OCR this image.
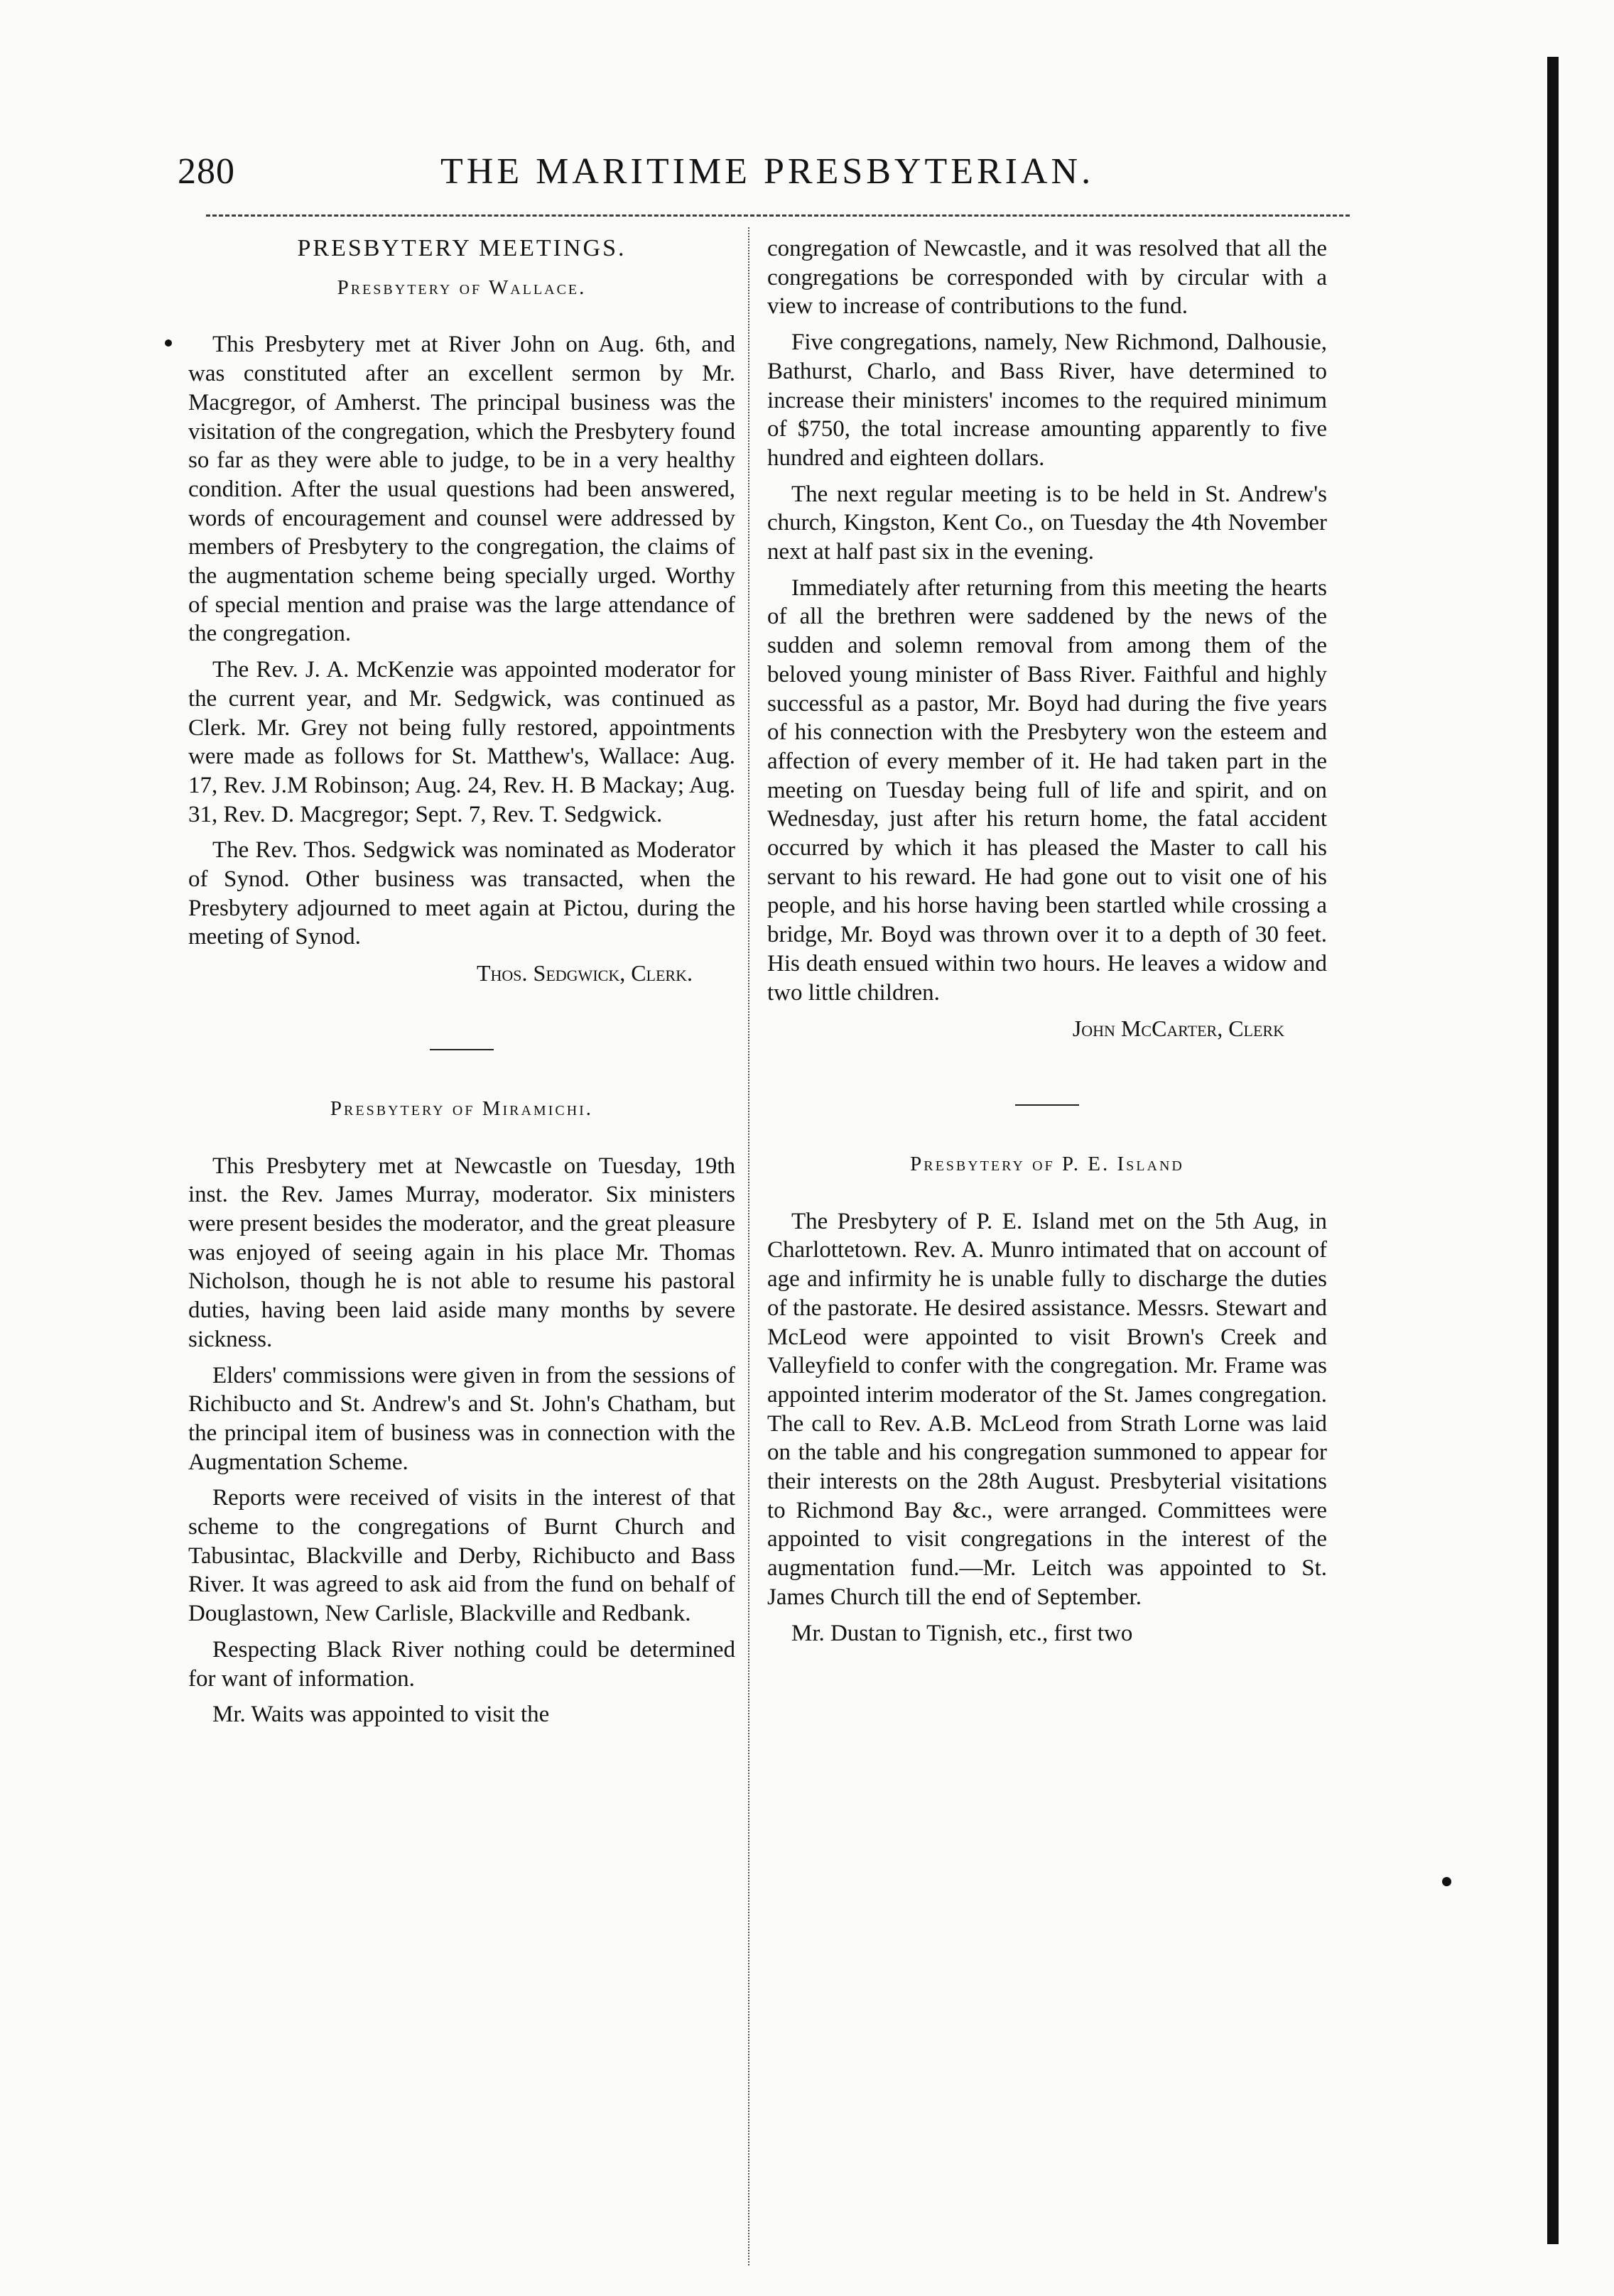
280	THE MARITIME PRESBYTERIAN.
PRESBYTERY MEETINGS.
Presbytery of Wallace.

This Presbytery met at River John on Aug. 6th, and was constituted after an excellent sermon by Mr. Macgregor, of Amherst. The principal business was the visitation of the congregation, which the Presbytery found so far as they were able to judge, to be in a very healthy condition. After the usual questions had been answered, words of encouragement and counsel were addressed by members of Presbytery to the congregation, the claims of the augmentation scheme being specially urged. Worthy of special mention and praise was the large attendance of the congregation.

The Rev. J. A. McKenzie was appointed moderator for the current year, and Mr. Sedgwick, was continued as Clerk. Mr. Grey not being fully restored, appointments were made as follows for St. Matthew's, Wallace: Aug. 17, Rev. J.M Robinson; Aug. 24, Rev. H. B Mackay; Aug. 31, Rev. D. Macgregor; Sept. 7, Rev. T. Sedgwick.

The Rev. Thos. Sedgwick was nominated as Moderator of Synod. Other business was transacted, when the Presbytery adjourned to meet again at Pictou, during the meeting of Synod.

Thos. Sedgwick, Clerk.
Presbytery of Miramichi.

This Presbytery met at Newcastle on Tuesday, 19th inst. the Rev. James Murray, moderator. Six ministers were present besides the moderator, and the great pleasure was enjoyed of seeing again in his place Mr. Thomas Nicholson, though he is not able to resume his pastoral duties, having been laid aside many months by severe sickness.

Elders' commissions were given in from the sessions of Richibucto and St. Andrew's and St. John's Chatham, but the principal item of business was in connection with the Augmentation Scheme.

Reports were received of visits in the interest of that scheme to the congregations of Burnt Church and Tabusintac, Blackville and Derby, Richibucto and Bass River. It was agreed to ask aid from the fund on behalf of Douglastown, New Carlisle, Blackville and Redbank.

Respecting Black River nothing could be determined for want of information.

Mr. Waits was appointed to visit the

congregation of Newcastle, and it was resolved that all the congregations be corresponded with by circular with a view to increase of contributions to the fund.

Five congregations, namely, New Richmond, Dalhousie, Bathurst, Charlo, and Bass River, have determined to increase their ministers' incomes to the required minimum of $750, the total increase amounting apparently to five hundred and eighteen dollars.

The next regular meeting is to be held in St. Andrew's church, Kingston, Kent Co., on Tuesday the 4th November next at half past six in the evening.

Immediately after returning from this meeting the hearts of all the brethren were saddened by the news of the sudden and solemn removal from among them of the beloved young minister of Bass River. Faithful and highly successful as a pastor, Mr. Boyd had during the five years of his connection with the Presbytery won the esteem and affection of every member of it. He had taken part in the meeting on Tuesday being full of life and spirit, and on Wednesday, just after his return home, the fatal accident occurred by which it has pleased the Master to call his servant to his reward. He had gone out to visit one of his people, and his horse having been startled while crossing a bridge, Mr. Boyd was thrown over it to a depth of 30 feet. His death ensued within two hours. He leaves a widow and two little children.

John McCarter, Clerk
Presbytery of P. E. Island

The Presbytery of P. E. Island met on the 5th Aug, in Charlottetown. Rev. A. Munro intimated that on account of age and infirmity he is unable fully to discharge the duties of the pastorate. He desired assistance. Messrs. Stewart and McLeod were appointed to visit Brown's Creek and Valleyfield to confer with the congregation. Mr. Frame was appointed interim moderator of the St. James congregation. The call to Rev. A.B. McLeod from Strath Lorne was laid on the table and his congregation summoned to appear for their interests on the 28th August. Presbyterial visitations to Richmond Bay &c., were arranged. Committees were appointed to visit congregations in the interest of the augmentation fund.—Mr. Leitch was appointed to St. James Church till the end of September.

Mr. Dustan to Tignish, etc., first two
